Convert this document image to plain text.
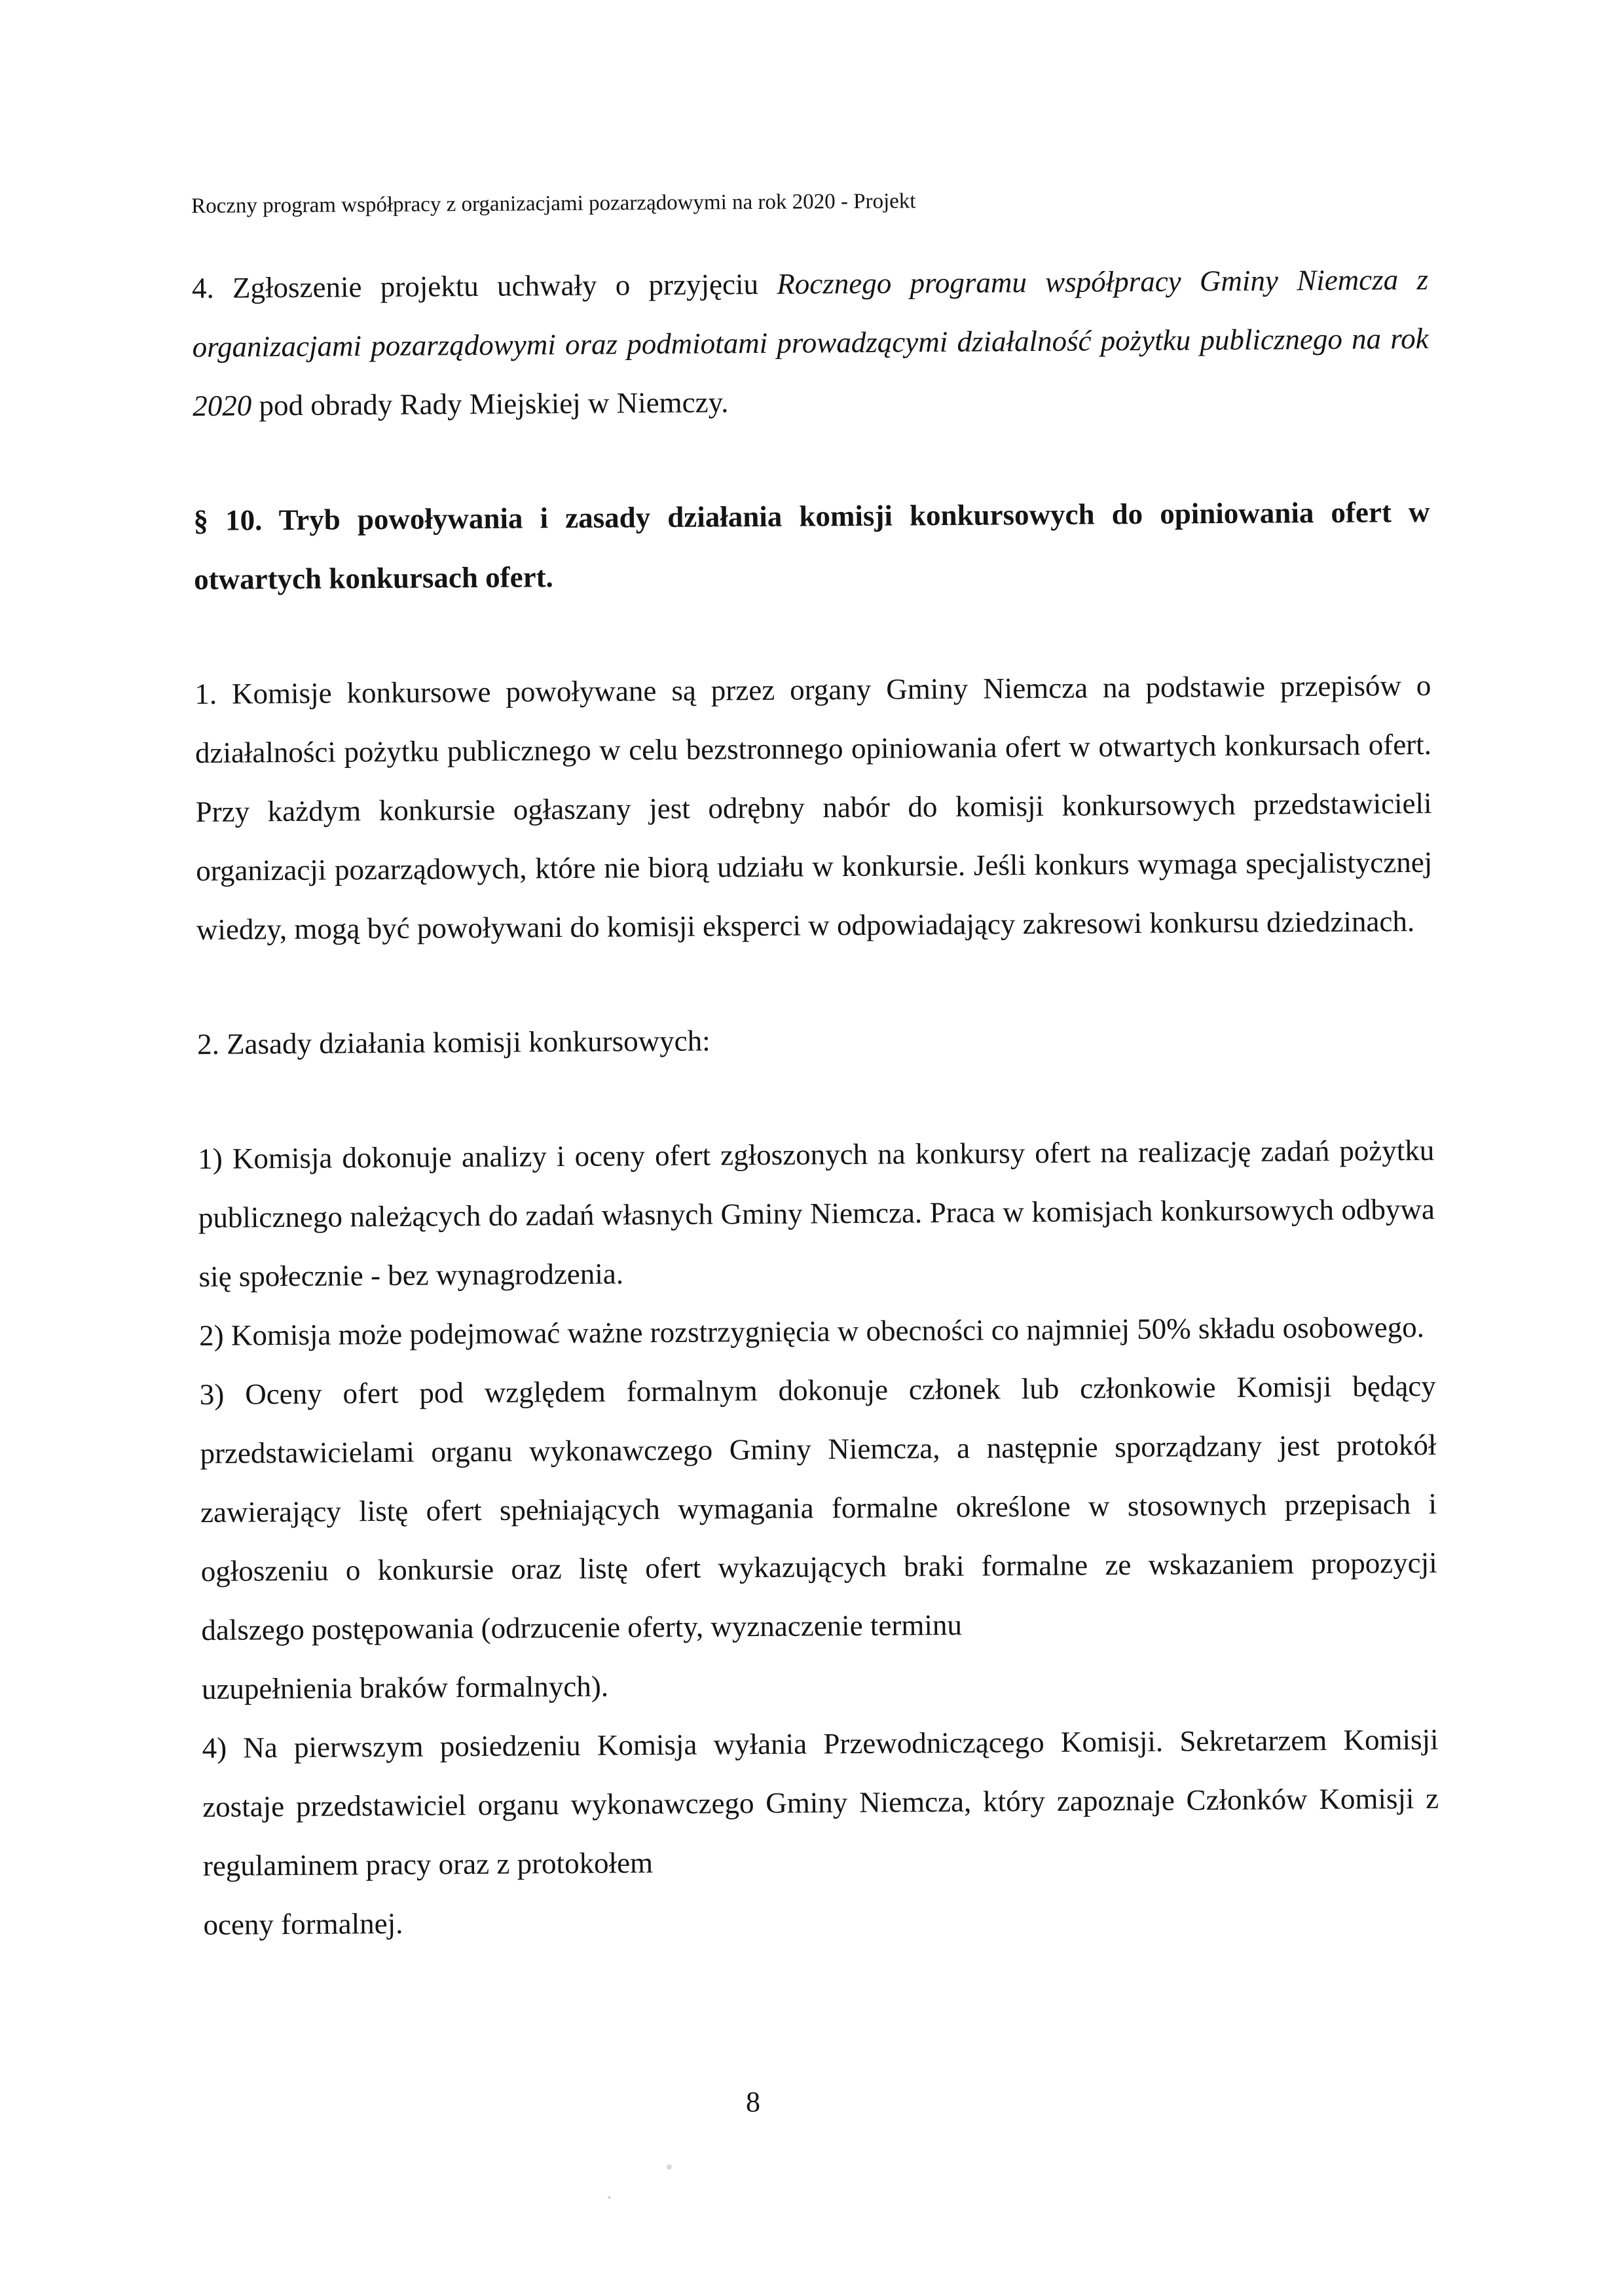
Roczny program współpracy z organizacjami pozarządowymi na rok 2020 - Projekt

4. Zgłoszenie projektu uchwały o przyjęciu Rocznego programu współpracy Gminy Niemcza z organizacjami pozarządowymi oraz podmiotami prowadzącymi działalność pożytku publicznego na rok 2020 pod obrady Rady Miejskiej w Niemczy.

§ 10. Tryb powoływania i zasady działania komisji konkursowych do opiniowania ofert w otwartych konkursach ofert.

1. Komisje konkursowe powoływane są przez organy Gminy Niemcza na podstawie przepisów o działalności pożytku publicznego w celu bezstronnego opiniowania ofert w otwartych konkursach ofert. Przy każdym konkursie ogłaszany jest odrębny nabór do komisji konkursowych przedstawicieli organizacji pozarządowych, które nie biorą udziału w konkursie. Jeśli konkurs wymaga specjalistycznej wiedzy, mogą być powoływani do komisji eksperci w odpowiadający zakresowi konkursu dziedzinach.

2. Zasady działania komisji konkursowych:

1) Komisja dokonuje analizy i oceny ofert zgłoszonych na konkursy ofert na realizację zadań pożytku publicznego należących do zadań własnych Gminy Niemcza. Praca w komisjach konkursowych odbywa się społecznie - bez wynagrodzenia.

2) Komisja może podejmować ważne rozstrzygnięcia w obecności co najmniej 50% składu osobowego.

3) Oceny ofert pod względem formalnym dokonuje członek lub członkowie Komisji będący przedstawicielami organu wykonawczego Gminy Niemcza, a następnie sporządzany jest protokół zawierający listę ofert spełniających wymagania formalne określone w stosownych przepisach i ogłoszeniu o konkursie oraz listę ofert wykazujących braki formalne ze wskazaniem propozycji dalszego postępowania (odrzucenie oferty, wyznaczenie terminu
uzupełnienia braków formalnych).

4) Na pierwszym posiedzeniu Komisja wyłania Przewodniczącego Komisji. Sekretarzem Komisji zostaje przedstawiciel organu wykonawczego Gminy Niemcza, który zapoznaje Członków Komisji z regulaminem pracy oraz z protokołem
oceny formalnej.

8
